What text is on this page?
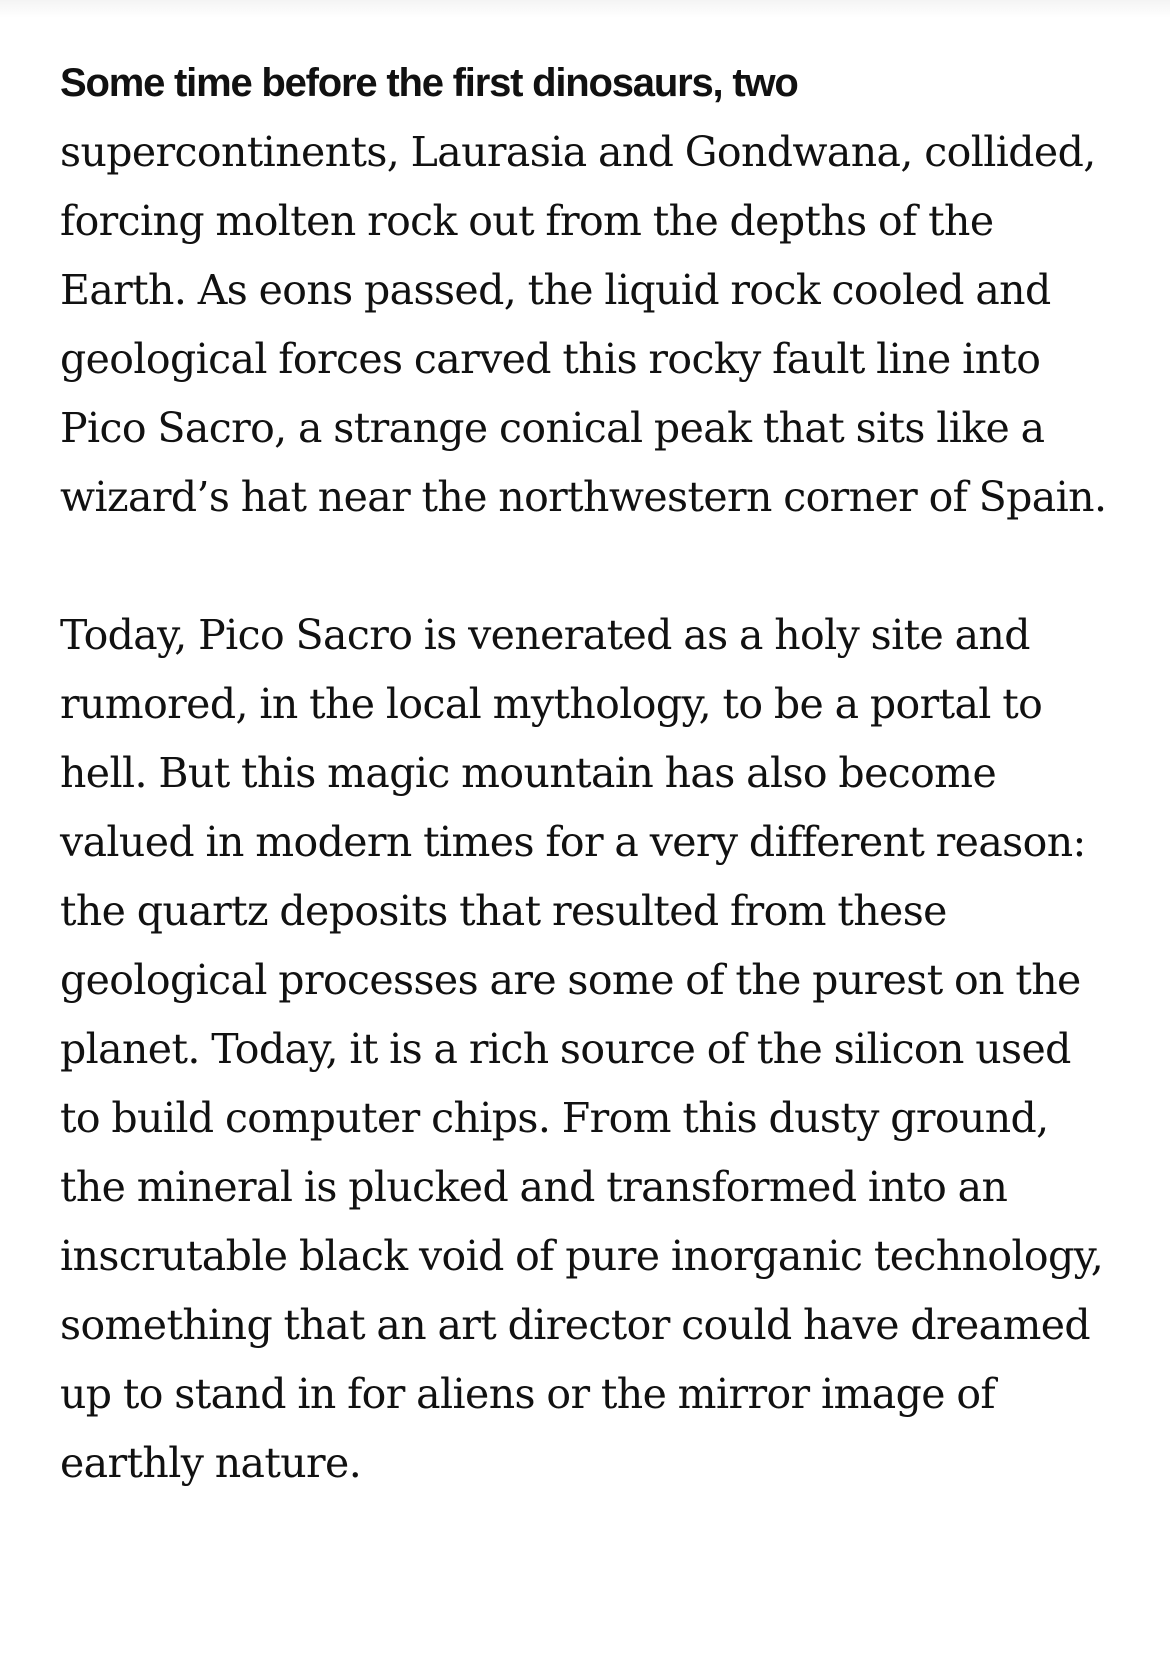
Some time before the first dinosaurs, two supercontinents, Laurasia and Gondwana, collided, forcing molten rock out from the depths of the Earth. As eons passed, the liquid rock cooled and geological forces carved this rocky fault line into Pico Sacro, a strange conical peak that sits like a wizard’s hat near the northwestern corner of Spain.

Today, Pico Sacro is venerated as a holy site and rumored, in the local mythology, to be a portal to hell. But this magic mountain has also become valued in modern times for a very different reason: the quartz deposits that resulted from these geological processes are some of the purest on the planet. Today, it is a rich source of the silicon used to build computer chips. From this dusty ground, the mineral is plucked and transformed into an inscrutable black void of pure inorganic technology, something that an art director could have dreamed up to stand in for aliens or the mirror image of earthly nature.
